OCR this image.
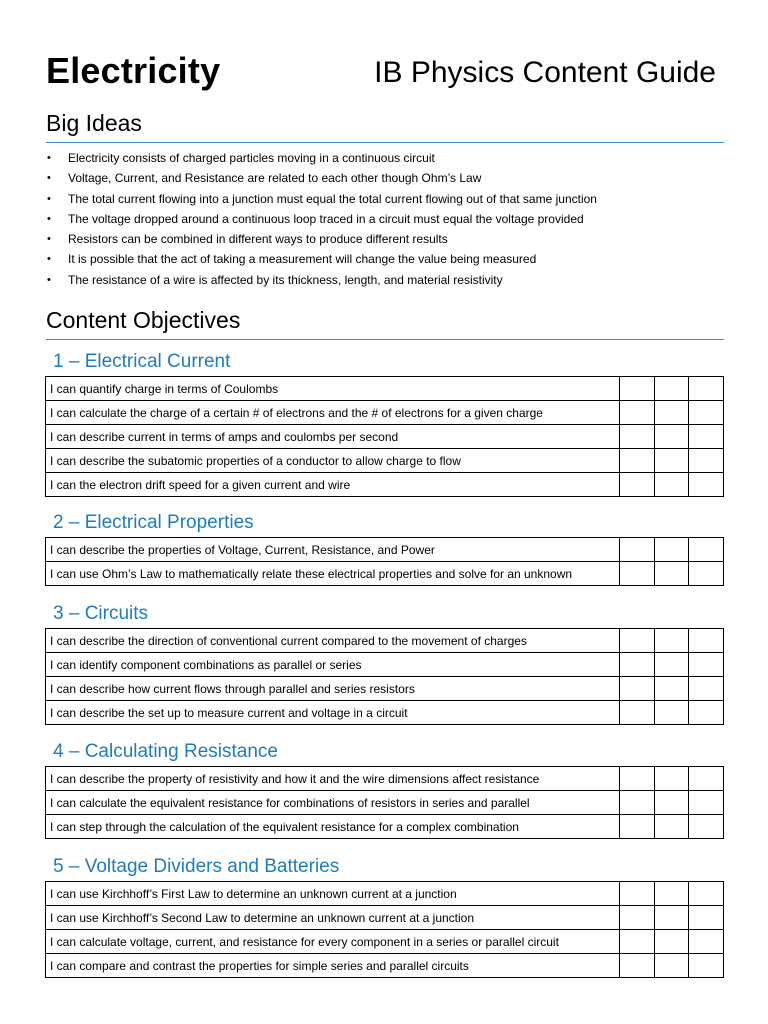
Electricity	IB Physics Content Guide
Big Ideas
• Electricity consists of charged particles moving in a continuous circuit
• Voltage, Current, and Resistance are related to each other though Ohm’s Law
• The total current flowing into a junction must equal the total current flowing out of that same junction
• The voltage dropped around a continuous loop traced in a circuit must equal the voltage provided
• Resistors can be combined in different ways to produce different results
• It is possible that the act of taking a measurement will change the value being measured
• The resistance of a wire is affected by its thickness, length, and material resistivity
Content Objectives
1 – Electrical Current
I can quantify charge in terms of Coulombs			
I can calculate the charge of a certain # of electrons and the # of electrons for a given charge			
I can describe current in terms of amps and coulombs per second			
I can describe the subatomic properties of a conductor to allow charge to flow			
I can the electron drift speed for a given current and wire			
2 – Electrical Properties
I can describe the properties of Voltage, Current, Resistance, and Power			
I can use Ohm’s Law to mathematically relate these electrical properties and solve for an unknown			
3 – Circuits
I can describe the direction of conventional current compared to the movement of charges			
I can identify component combinations as parallel or series			
I can describe how current flows through parallel and series resistors			
I can describe the set up to measure current and voltage in a circuit			
4 – Calculating Resistance
I can describe the property of resistivity and how it and the wire dimensions affect resistance			
I can calculate the equivalent resistance for combinations of resistors in series and parallel			
I can step through the calculation of the equivalent resistance for a complex combination			
5 – Voltage Dividers and Batteries
I can use Kirchhoff’s First Law to determine an unknown current at a junction			
I can use Kirchhoff’s Second Law to determine an unknown current at a junction			
I can calculate voltage, current, and resistance for every component in a series or parallel circuit			
I can compare and contrast the properties for simple series and parallel circuits			
